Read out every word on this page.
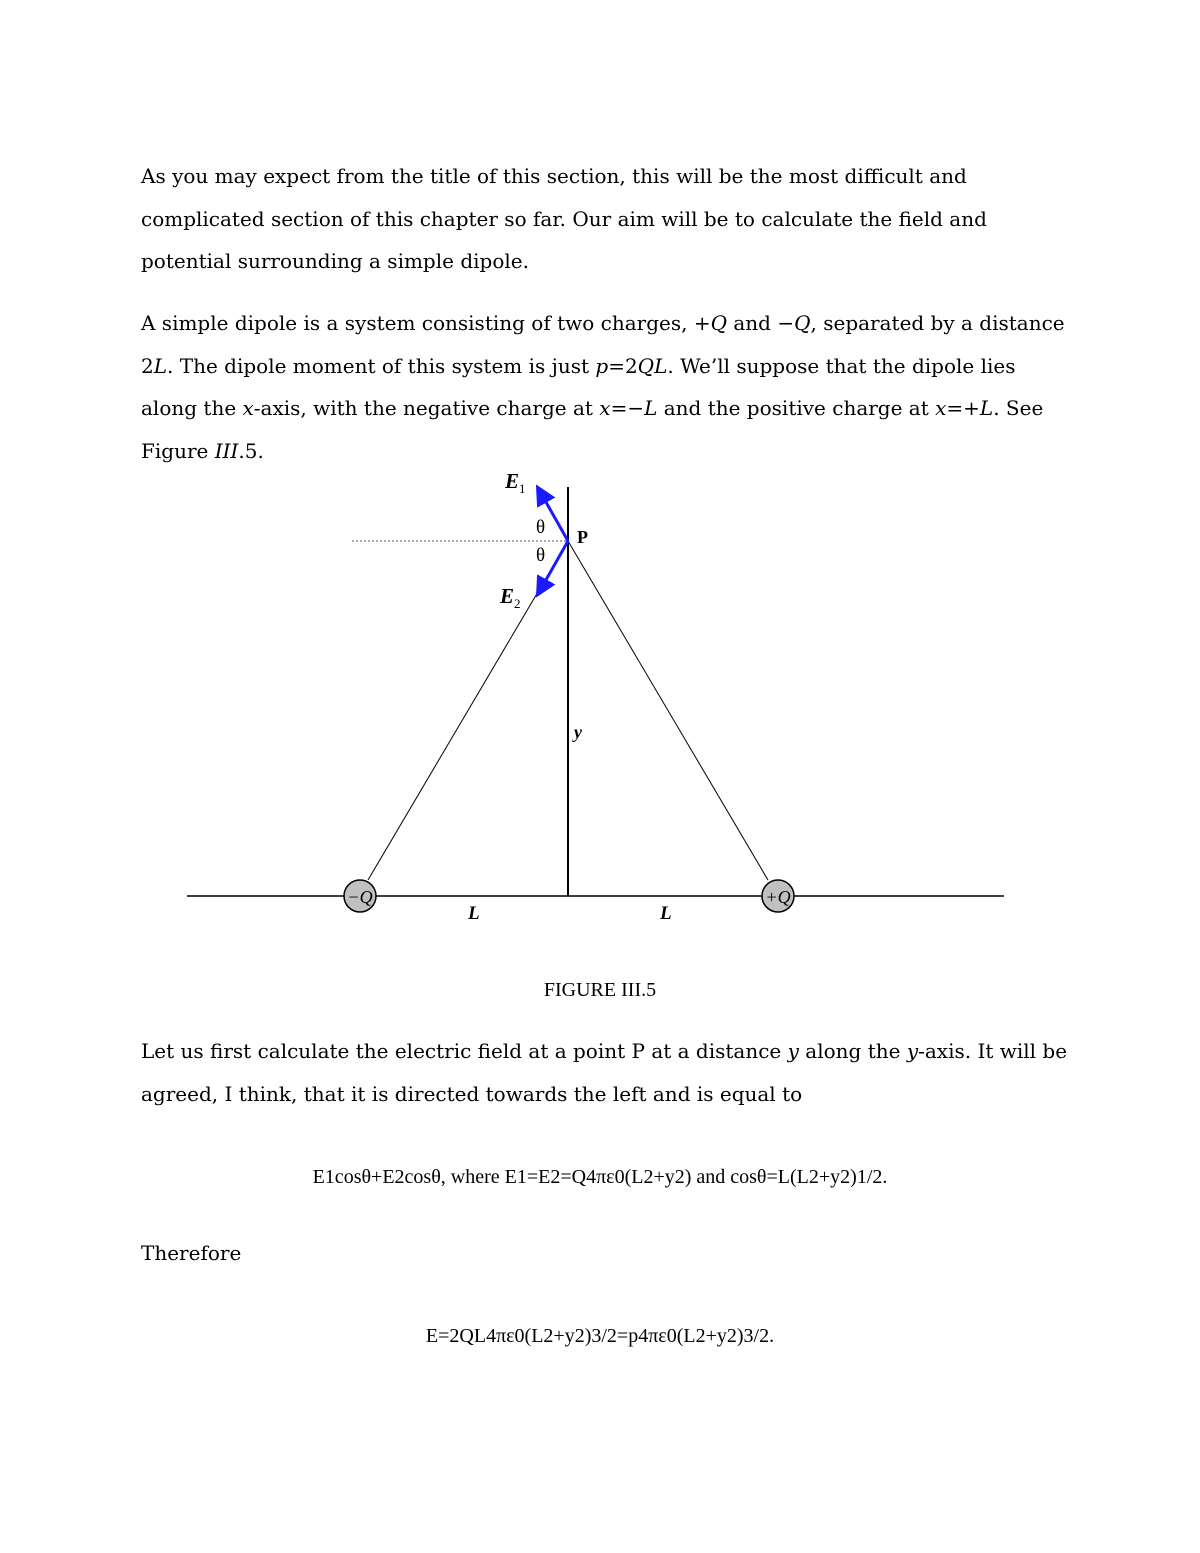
As you may expect from the title of this section, this will be the most difficult and complicated section of this chapter so far. Our aim will be to calculate the field and potential surrounding a simple dipole.

A simple dipole is a system consisting of two charges, +Q and −Q, separated by a distance 2L. The dipole moment of this system is just p=2QL. We’ll suppose that the dipole lies along the x-axis, with the negative charge at x=−L and the positive charge at x=+L. See Figure III.5.

−Q	+Q
$E_1$
$E_2$
θ
θ
P
y
L	L
FIGURE III.5

Let us first calculate the electric field at a point P at a distance y along the y-axis. It will be agreed, I think, that it is directed towards the left and is equal to

E1cosθ+E2cosθ, where E1=E2=Q4πε0(L2+y2) and cosθ=L(L2+y2)1/2.
Therefore
E=2QL4πε0(L2+y2)3/2=p4πε0(L2+y2)3/2.
